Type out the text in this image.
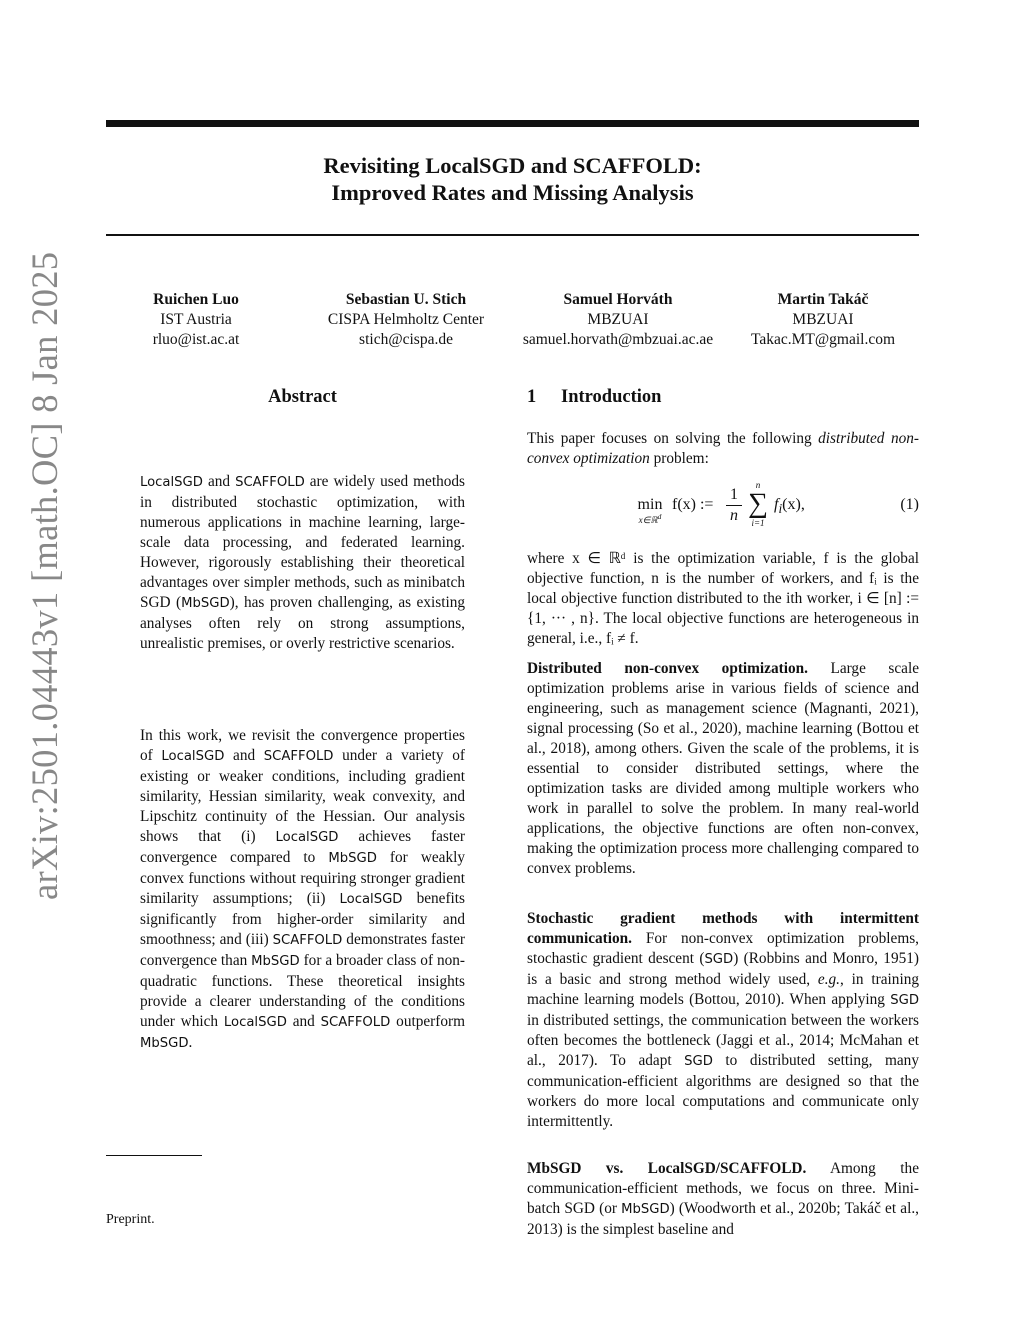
arXiv:2501.04443v1 [math.OC] 8 Jan 2025
Revisiting LocalSGD and SCAFFOLD:
Improved Rates and Missing Analysis
Ruichen Luo
IST Austria
rluo@ist.ac.at
Sebastian U. Stich
CISPA Helmholtz Center
stich@cispa.de
Samuel Horváth
MBZUAI
samuel.horvath@mbzuai.ac.ae
Martin Takáč
MBZUAI
Takac.MT@gmail.com
Abstract
LocalSGD and SCAFFOLD are widely used methods in distributed stochastic optimization, with numerous applications in machine learning, large-scale data processing, and federated learning. However, rigorously establishing their theoretical advantages over simpler methods, such as minibatch SGD (MbSGD), has proven challenging, as existing analyses often rely on strong assumptions, unrealistic premises, or overly restrictive scenarios.
In this work, we revisit the convergence properties of LocalSGD and SCAFFOLD under a variety of existing or weaker conditions, including gradient similarity, Hessian similarity, weak convexity, and Lipschitz continuity of the Hessian. Our analysis shows that (i) LocalSGD achieves faster convergence compared to MbSGD for weakly convex functions without requiring stronger gradient similarity assumptions; (ii) LocalSGD benefits significantly from higher-order similarity and smoothness; and (iii) SCAFFOLD demonstrates faster convergence than MbSGD for a broader class of non-quadratic functions. These theoretical insights provide a clearer understanding of the conditions under which LocalSGD and SCAFFOLD outperform MbSGD.
1 Introduction
This paper focuses on solving the following distributed non-convex optimization problem:
min
x∈ℝ$^d$
f(x) :=
1
n
n
∑
i=1
$f_i(x)$,	(1)
where x ∈ ℝᵈ is the optimization variable, f is the global objective function, n is the number of workers, and fᵢ is the local objective function distributed to the ith worker, i ∈ [n] := {1, ··· , n}. The local objective functions are heterogeneous in general, i.e., fᵢ ≠ f.
Distributed non-convex optimization. Large scale optimization problems arise in various fields of science and engineering, such as management science (Magnanti, 2021), signal processing (So et al., 2020), machine learning (Bottou et al., 2018), among others. Given the scale of the problems, it is essential to consider distributed settings, where the optimization tasks are divided among multiple workers who work in parallel to solve the problem. In many real-world applications, the objective functions are often non-convex, making the optimization process more challenging compared to convex problems.
Stochastic gradient methods with intermittent communication. For non-convex optimization problems, stochastic gradient descent (SGD) (Robbins and Monro, 1951) is a basic and strong method widely used, e.g., in training machine learning models (Bottou, 2010). When applying SGD in distributed settings, the communication between the workers often becomes the bottleneck (Jaggi et al., 2014; McMahan et al., 2017). To adapt SGD to distributed setting, many communication-efficient algorithms are designed so that the workers do more local computations and communicate only intermittently.
MbSGD vs. LocalSGD/SCAFFOLD. Among the communication-efficient methods, we focus on three. Mini-batch SGD (or MbSGD) (Woodworth et al., 2020b; Takáč et al., 2013) is the simplest baseline and
Preprint.
